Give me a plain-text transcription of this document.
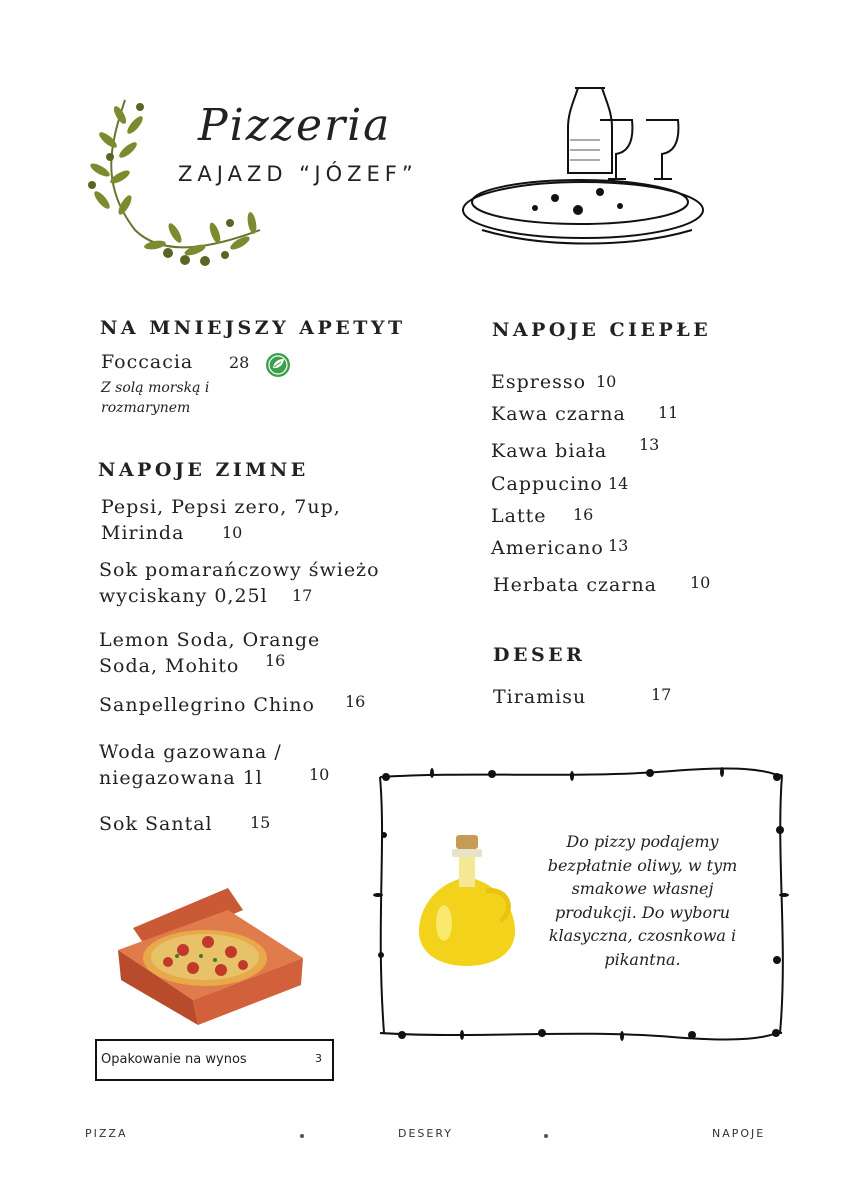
Pizzeria
ZAJAZD “JÓZEF”
NA MNIEJSZY APETYT
Foccacia 28
Z solą morską i rozmarynem
NAPOJE ZIMNE
Pepsi, Pepsi zero, 7up,
Mirinda 10
Sok pomarańczowy świeżo
wyciskany 0,25l 17
Lemon Soda, Orange
Soda, Mohito 16
Sanpellegrino Chino 16
Woda gazowana /
niegazowana 1l	10
Sok Santal 15
Opakowanie na wynos	3
NAPOJE CIEPŁE
Espresso 10
Kawa czarna 11
Kawa biała 13
Cappucino 14
Latte 16
Americano 13
Herbata czarna 10
DESER
Tiramisu	17
Do pizzy podajemy
bezpłatnie oliwy, w tym
smakowe własnej
produkcji. Do wyboru
klasyczna, czosnkowa i
pikantna.
PIZZA	DESERY	NAPOJE
